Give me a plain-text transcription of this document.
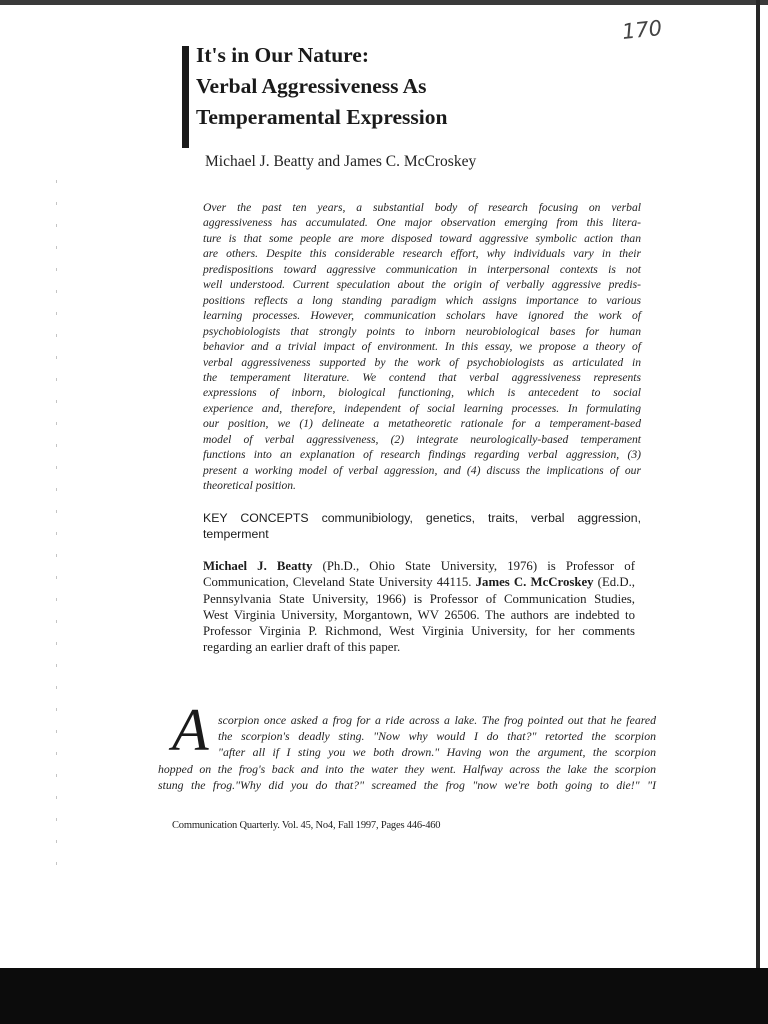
170
It's in Our Nature:
Verbal Aggressiveness As
Temperamental Expression
Michael J. Beatty and James C. McCroskey
Over the past ten years, a substantial body of research focusing on verbal
aggressiveness has accumulated. One major observation emerging from this litera-
ture is that some people are more disposed toward aggressive symbolic action than
are others. Despite this considerable research effort, why individuals vary in their
predispositions toward aggressive communication in interpersonal contexts is not
well understood. Current speculation about the origin of verbally aggressive predis-
positions reflects a long standing paradigm which assigns importance to various
learning processes. However, communication scholars have ignored the work of
psychobiologists that strongly points to inborn neurobiological bases for human
behavior and a trivial impact of environment. In this essay, we propose a theory of
verbal aggressiveness supported by the work of psychobiologists as articulated in
the temperament literature. We contend that verbal aggressiveness represents
expressions of inborn, biological functioning, which is antecedent to social
experience and, therefore, independent of social learning processes. In formulating
our position, we (1) delineate a metatheoretic rationale for a temperament-based
model of verbal aggressiveness, (2) integrate neurologically-based temperament
functions into an explanation of research findings regarding verbal aggression, (3)
present a working model of verbal aggression, and (4) discuss the implications of our
theoretical position.
KEY CONCEPTS communibiology, genetics, traits, verbal aggression,
temperment
Michael J. Beatty (Ph.D., Ohio State University, 1976) is Professor of
Communication, Cleveland State University 44115. James C. McCroskey (Ed.D.,
Pennsylvania State University, 1966) is Professor of Communication Studies,
West Virginia University, Morgantown, WV 26506. The authors are indebted to
Professor Virginia P. Richmond, West Virginia University, for her comments
regarding an earlier draft of this paper.
A scorpion once asked a frog for a ride across a lake. The frog pointed out that he feared
the scorpion's deadly sting. "Now why would I do that?" retorted the scorpion
"after all if I sting you we both drown." Having won the argument, the scorpion
hopped on the frog's back and into the water they went. Halfway across the lake the scorpion
stung the frog."Why did you do that?" screamed the frog "now we're both going to die!" "I
Communication Quarterly. Vol. 45, No4, Fall 1997, Pages 446-460
